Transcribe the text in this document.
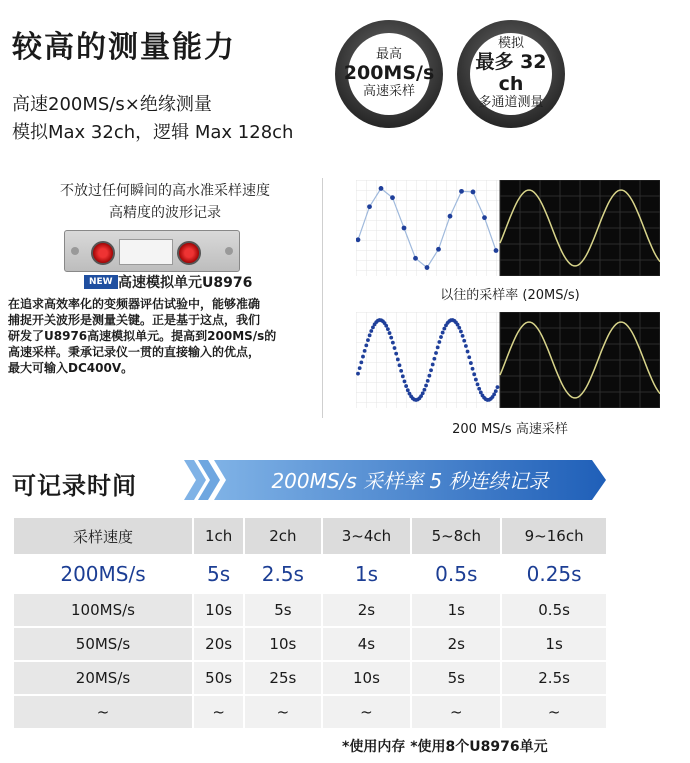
较高的测量能力
高速200MS/s×绝缘测量
模拟Max 32ch，逻辑 Max 128ch
最高
200MS/s
高速采样
模拟
最多 32 ch
多通道测量
不放过任何瞬间的高水准采样速度
高精度的波形记录
NEW 高速模拟单元U8976
在追求高效率化的变频器评估试验中，能够准确
捕捉开关波形是测量关键。正是基于这点，我们
研发了U8976高速模拟单元。提高到200MS/s的
高速采样。秉承记录仪一贯的直接输入的优点，
最大可输入DC400V。
以往的采样率 (20MS/s)
200 MS/s 高速采样
可记录时间	200MS/s 采样率 5 秒连续记录
采样速度	1ch	2ch	3~4ch	5~8ch	9~16ch
200MS/s	5s	2.5s	1s	0.5s	0.25s
100MS/s	10s	5s	2s	1s	0.5s
50MS/s	20s	10s	4s	2s	1s
20MS/s	50s	25s	10s	5s	2.5s
~	~	~	~	~	~
*使用内存 *使用8个U8976单元
